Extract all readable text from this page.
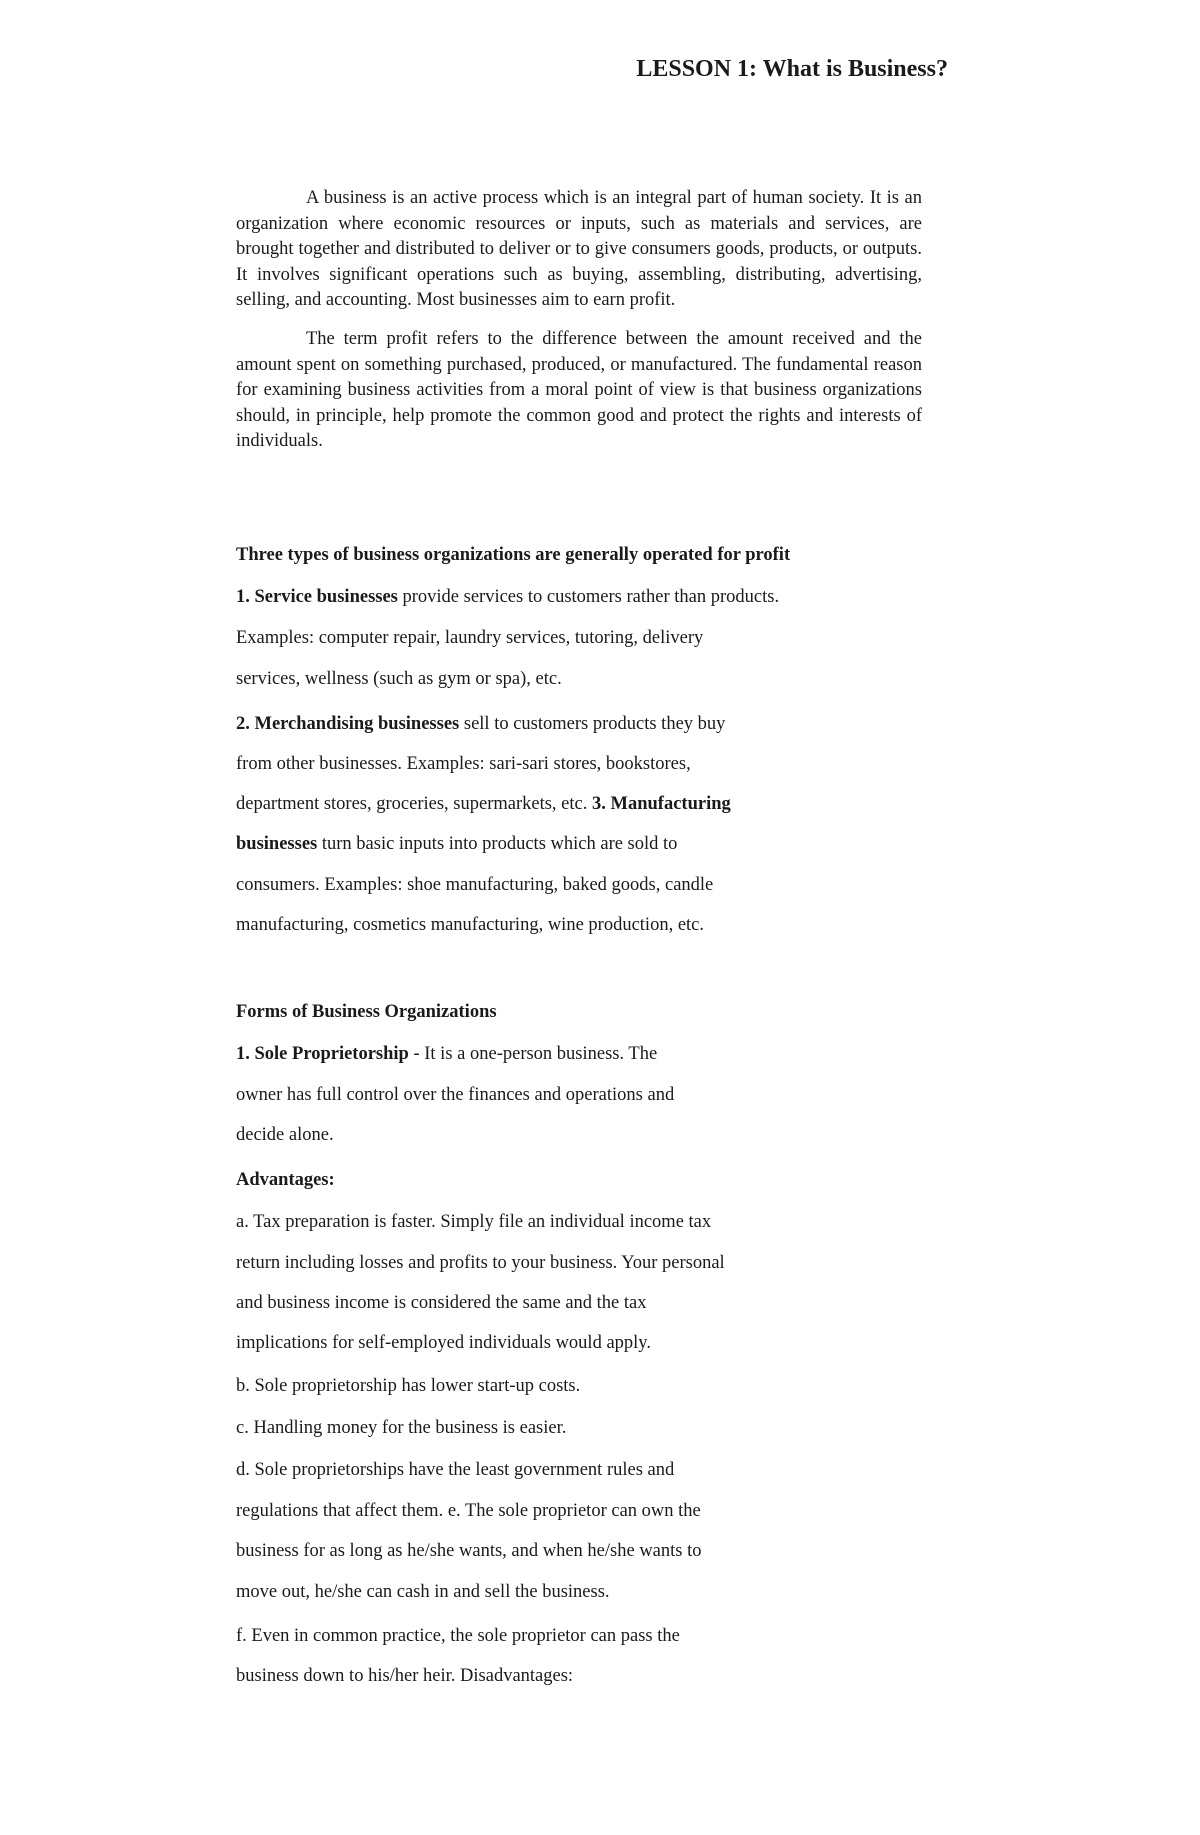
LESSON 1: What is Business?

A business is an active process which is an integral part of human society. It is an organization where economic resources or inputs, such as materials and services, are brought together and distributed to deliver or to give consumers goods, products, or outputs. It involves significant operations such as buying, assembling, distributing, advertising, selling, and accounting. Most businesses aim to earn profit.

The term profit refers to the difference between the amount received and the amount spent on something purchased, produced, or manufactured. The fundamental reason for examining business activities from a moral point of view is that business organizations should, in principle, help promote the common good and protect the rights and interests of individuals.

Three types of business organizations are generally operated for profit

1. Service businesses provide services to customers rather than products.

Examples: computer repair, laundry services, tutoring, delivery

services, wellness (such as gym or spa), etc.

2. Merchandising businesses sell to customers products they buy

from other businesses. Examples: sari-sari stores, bookstores,

department stores, groceries, supermarkets, etc. 3. Manufacturing

businesses turn basic inputs into products which are sold to

consumers. Examples: shoe manufacturing, baked goods, candle

manufacturing, cosmetics manufacturing, wine production, etc.

Forms of Business Organizations

1. Sole Proprietorship - It is a one-person business. The

owner has full control over the finances and operations and

decide alone.

Advantages:

a. Tax preparation is faster. Simply file an individual income tax

return including losses and profits to your business. Your personal

and business income is considered the same and the tax

implications for self-employed individuals would apply.

b. Sole proprietorship has lower start-up costs.

c. Handling money for the business is easier.

d. Sole proprietorships have the least government rules and

regulations that affect them. e. The sole proprietor can own the

business for as long as he/she wants, and when he/she wants to

move out, he/she can cash in and sell the business.

f. Even in common practice, the sole proprietor can pass the

business down to his/her heir. Disadvantages:
